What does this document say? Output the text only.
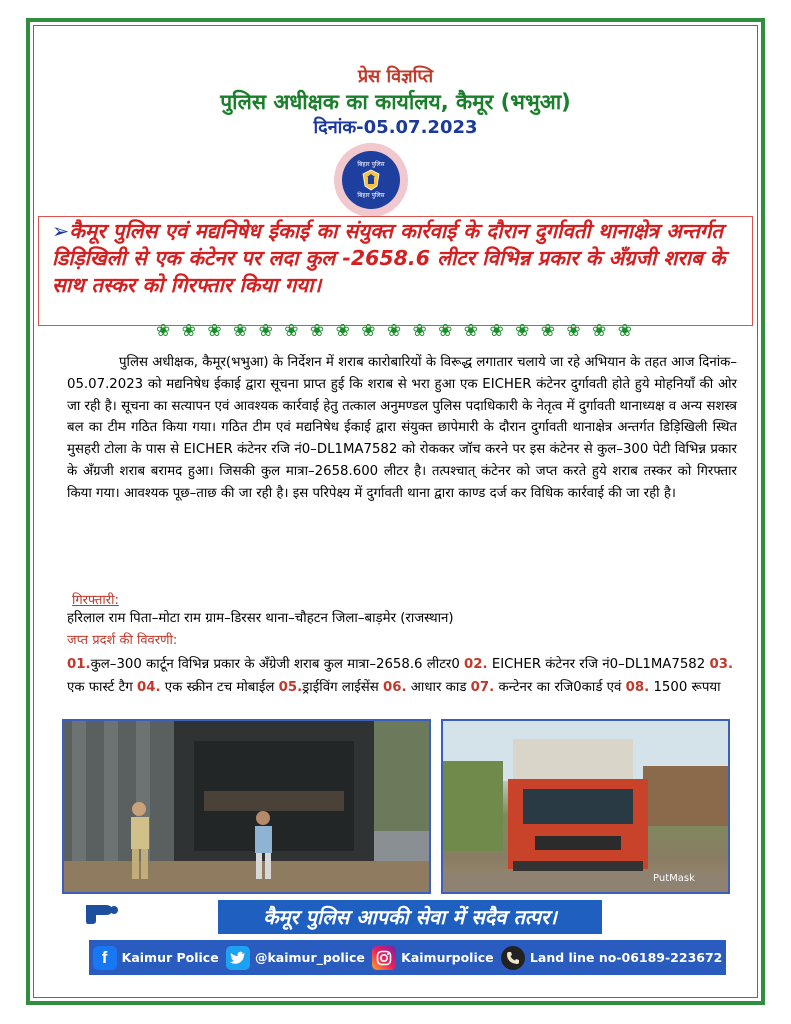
प्रेस विज्ञप्ति
पुलिस अधीक्षक का कार्यालय, कैमूर (भभुआ)
दिनांक-05.07.2023
बिहार पुलिस
बिहार पुलिस
➢कैमूर पुलिस एवं मद्यनिषेध ईकाई का संयुक्त कार्रवाई के दौरान दुर्गावती थानाक्षेत्र अन्तर्गत डिड़िखिली से एक कंटेनर पर लदा कुल -2658.6 लीटर विभिन्न प्रकार के अँग्रजी शराब के साथ तस्कर को गिरफ्तार किया गया।
❀ ❀ ❀ ❀ ❀ ❀ ❀ ❀ ❀ ❀ ❀ ❀ ❀ ❀ ❀ ❀ ❀ ❀ ❀

पुलिस अधीक्षक, कैमूर(भभुआ) के निर्देशन में शराब कारोबारियों के विरूद्ध लगातार चलाये जा रहे अभियान के तहत आज दिनांक–05.07.2023 को मद्यनिषेध ईकाई द्वारा सूचना प्राप्त हुई कि शराब से भरा हुआ एक EICHER कंटेनर दुर्गावती होते हुये मोहनियाँ की ओर जा रही है। सूचना का सत्यापन एवं आवश्यक कार्रवाई हेतु तत्काल अनुमण्डल पुलिस पदाधिकारी के नेतृत्व में दुर्गावती थानाध्यक्ष व अन्य सशस्त्र बल का टीम गठित किया गया। गठित टीम एवं मद्यनिषेध ईकाई द्वारा संयुक्त छापेमारी के दौरान दुर्गावती थानाक्षेत्र अन्तर्गत डिड़िखिली स्थित मुसहरी टोला के पास से EICHER कंटेनर रजि नं0–DL1MA7582 को रोककर जॉच करने पर इस कंटेनर से कुल–300 पेटी विभिन्न प्रकार के अँग्रजी शराब बरामद हुआ। जिसकी कुल मात्रा–2658.600 लीटर है। तत्पश्चात् कंटेनर को जप्त करते हुये शराब तस्कर को गिरफ्तार किया गया। आवश्यक पूछ–ताछ की जा रही है। इस परिपेक्ष्य में दुर्गावती थाना द्वारा काण्ड दर्ज कर विधिक कार्रवाई की जा रही है।

गिरफ्तारी:
हरिलाल राम पिता–मोटा राम ग्राम–डिरसर थाना–चौहटन जिला–बाड़मेर (राजस्थान)
जप्त प्रदर्श की विवरणी:

01.कुल–300 कार्टून विभिन्न प्रकार के अँग्रेजी शराब कुल मात्रा–2658.6 लीटर0 02. EICHER कंटेनर रजि नं0–DL1MA7582 03. एक फार्स्ट टैग 04. एक स्क्रीन टच मोबाईल 05.ड्राईविंग लाईसेंस 06. आधार काड 07. कन्टेनर का रजि0कार्ड एवं 08. 1500 रूपया

PutMask
कैमूर पुलिस आपकी सेवा में सदैव तत्पर।
f	Kaimur Police	@kaimur_police	Kaimurpolice	Land line no-06189-223672
